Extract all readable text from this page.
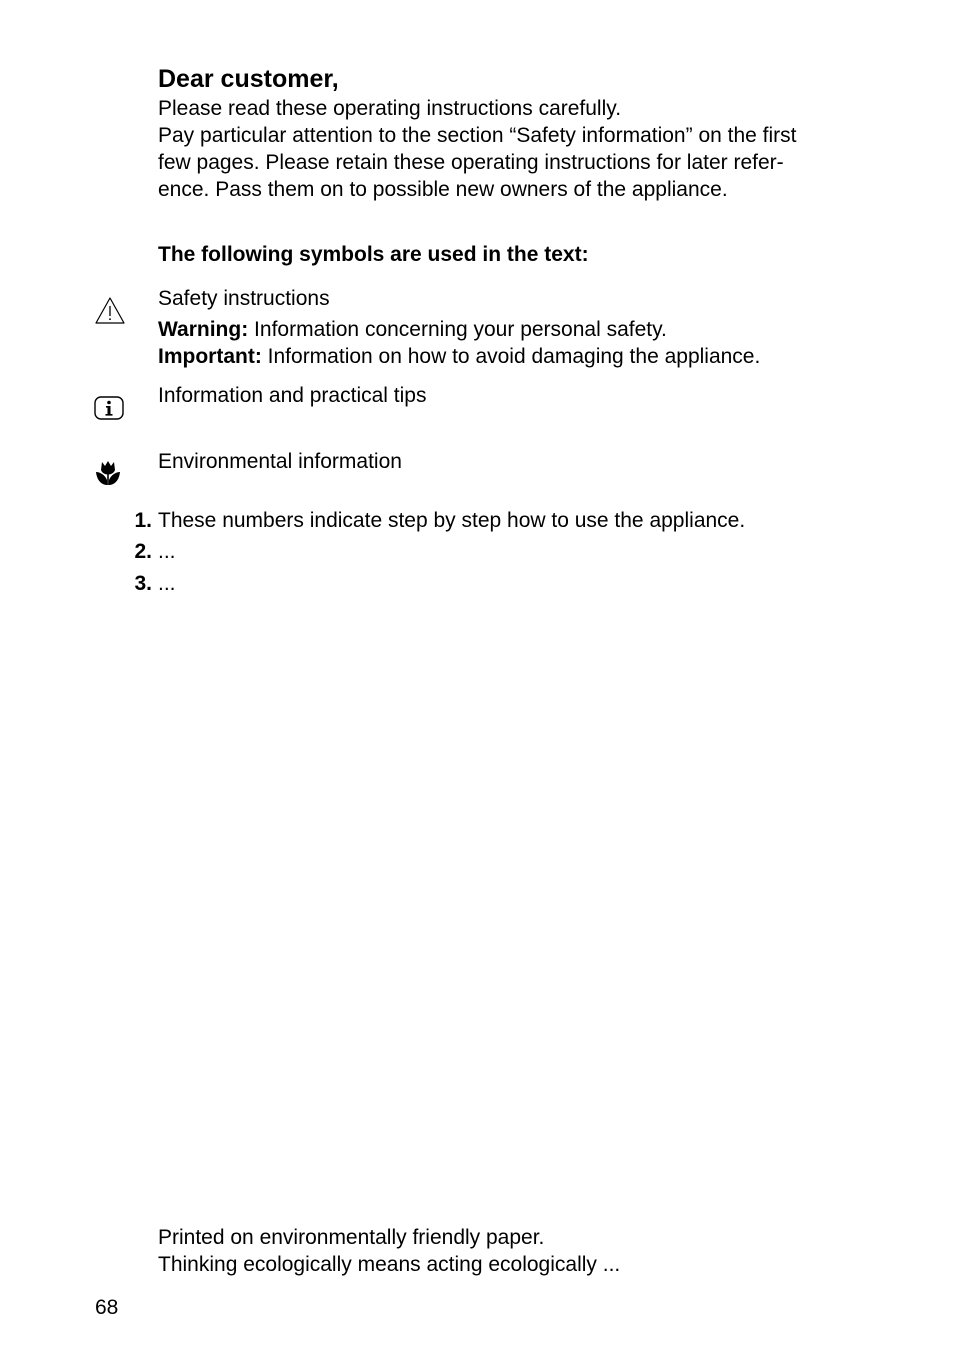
Dear customer,
Please read these operating instructions carefully.
Pay particular attention to the section “Safety information” on the first
few pages. Please retain these operating instructions for later refer-
ence. Pass them on to possible new owners of the appliance.
The following symbols are used in the text:
Safety instructions
Warning: Information concerning your personal safety.
Important: Information on how to avoid damaging the appliance.
Information and practical tips
Environmental information
1. These numbers indicate step by step how to use the appliance.
2. ...
3. ...
Printed on environmentally friendly paper.
Thinking ecologically means acting ecologically ...
68
